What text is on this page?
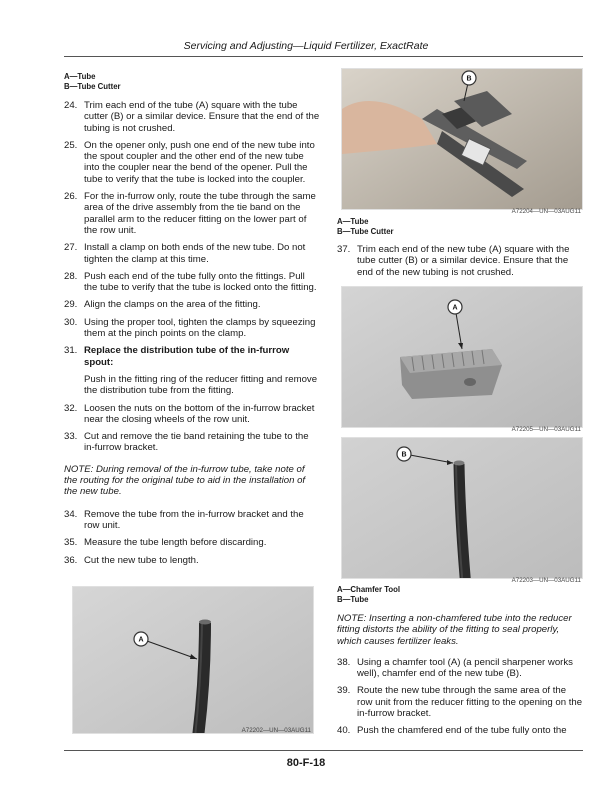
Servicing and Adjusting—Liquid Fertilizer, ExactRate
A—Tube
B—Tube Cutter
24. Trim each end of the tube (A) square with the tube cutter (B) or a similar device. Ensure that the end of the tubing is not crushed.
25. On the opener only, push one end of the new tube into the spout coupler and the other end of the new tube into the coupler near the bend of the opener. Pull the tube to verify that the tube is locked into the coupler.
26. For the in-furrow only, route the tube through the same area of the drive assembly from the tie band on the parallel arm to the reducer fitting on the lower part of the row unit.
27. Install a clamp on both ends of the new tube. Do not tighten the clamp at this time.
28. Push each end of the tube fully onto the fittings. Pull the tube to verify that the tube is locked onto the fitting.
29. Align the clamps on the area of the fitting.
30. Using the proper tool, tighten the clamps by squeezing them at the pinch points on the clamp.
31. Replace the distribution tube of the in-furrow spout:
Push in the fitting ring of the reducer fitting and remove the distribution tube from the fitting.
32. Loosen the nuts on the bottom of the in-furrow bracket near the closing wheels of the row unit.
33. Cut and remove the tie band retaining the tube to the in-furrow bracket.
NOTE: During removal of the in-furrow tube, take note of the routing for the original tube to aid in the installation of the new tube.
34. Remove the tube from the in-furrow bracket and the row unit.
35. Measure the tube length before discarding.
36. Cut the new tube to length.
A
A72202—UN—03AUG11
B
A72204—UN—03AUG11
A—Tube
B—Tube Cutter
37. Trim each end of the new tube (A) square with the tube cutter (B) or a similar device. Ensure that the end of the new tubing is not crushed.
A
A72205—UN—03AUG11
B
A72203—UN—03AUG11
A—Chamfer Tool
B—Tube
NOTE: Inserting a non-chamfered tube into the reducer fitting distorts the ability of the fitting to seal properly, which causes fertilizer leaks.
38. Using a chamfer tool (A) (a pencil sharpener works well), chamfer end of the new tube (B).
39. Route the new tube through the same area of the row unit from the reducer fitting to the opening on the in-furrow bracket.
40. Push the chamfered end of the tube fully onto the
80-F-18
